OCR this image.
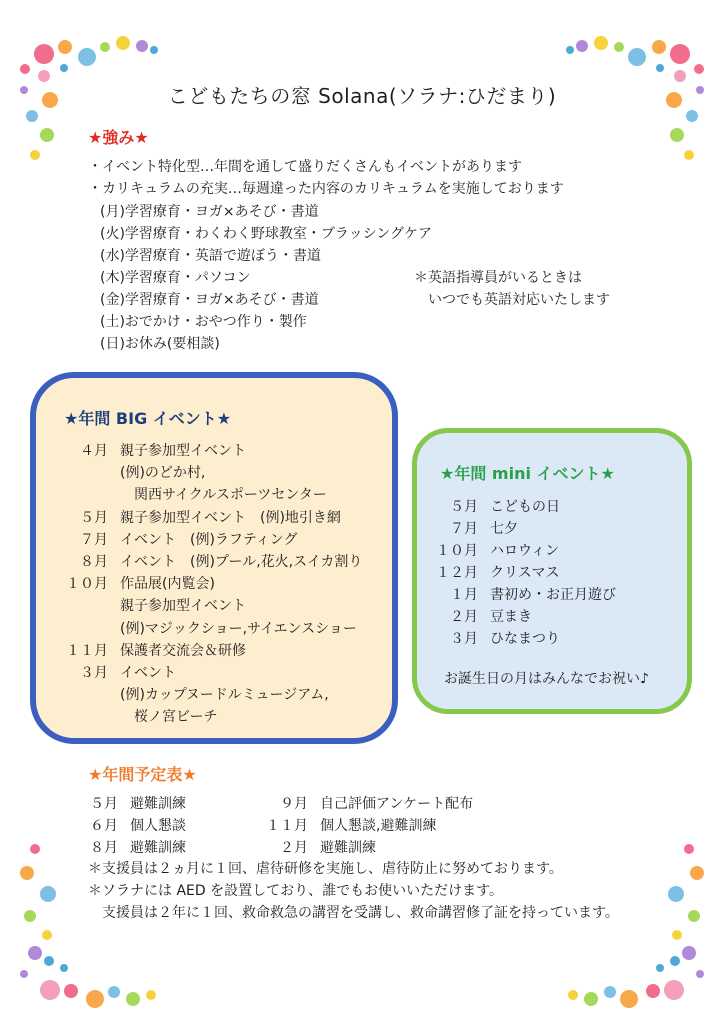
こどもたちの窓 Solana(ソラナ:ひだまり)
★強み★
・イベント特化型…年間を通して盛りだくさんもイベントがあります
・カリキュラムの充実…毎週違った内容のカリキュラムを実施しております
(月)学習療育・ヨガ×あそび・書道
(火)学習療育・わくわく野球教室・ブラッシングケア
(水)学習療育・英語で遊ぼう・書道
(木)学習療育・パソコン
(金)学習療育・ヨガ×あそび・書道
(土)おでかけ・おやつ作り・製作
(日)お休み(要相談)
＊英語指導員がいるときは
いつでも英語対応いたします
★年間 BIG イベント★
４月 親子参加型イベント
(例)のどか村,
　関西サイクルスポーツセンター
５月 親子参加型イベント　(例)地引き網
７月 イベント　(例)ラフティング
８月 イベント　(例)プール,花火,スイカ割り
１０月 作品展(内覧会)
親子参加型イベント
(例)マジックショー,サイエンスショー
１１月 保護者交流会＆研修
３月 イベント
(例)カップヌードルミュージアム,
　桜ノ宮ビーチ
★年間 mini イベント★
５月 こどもの日
７月 七夕
１０月 ハロウィン
１２月 クリスマス
１月 書初め・お正月遊び
２月 豆まき
３月 ひなまつり
お誕生日の月はみんなでお祝い♪
★年間予定表★
５月 避難訓練
６月 個人懇談
８月 避難訓練
９月 自己評価アンケート配布
１１月 個人懇談,避難訓練
２月 避難訓練
＊支援員は２ヵ月に１回、虐待研修を実施し、虐待防止に努めております。
＊ソラナには AED を設置しており、誰でもお使いいただけます。
　支援員は２年に１回、救命救急の講習を受講し、救命講習修了証を持っています。
